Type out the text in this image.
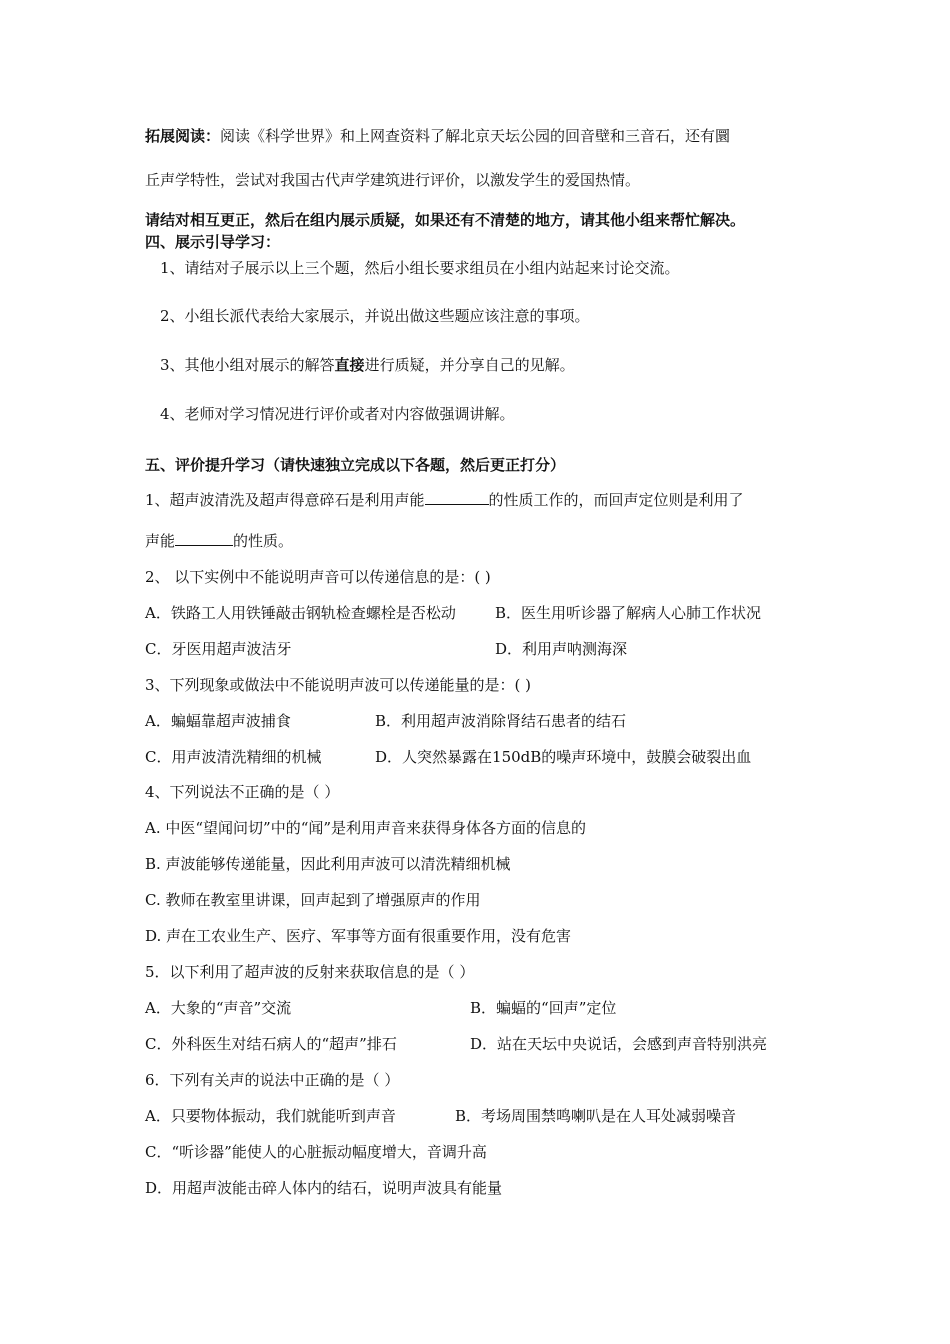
拓展阅读：阅读《科学世界》和上网查资料了解北京天坛公园的回音壁和三音石，还有圜
丘声学特性，尝试对我国古代声学建筑进行评价，以激发学生的爱国热情。
请结对相互更正，然后在组内展示质疑，如果还有不清楚的地方，请其他小组来帮忙解决。
四、展示引导学习：
1、请结对子展示以上三个题，然后小组长要求组员在小组内站起来讨论交流。
2、小组长派代表给大家展示，并说出做这些题应该注意的事项。
3、其他小组对展示的解答直接进行质疑，并分享自己的见解。
4、老师对学习情况进行评价或者对内容做强调讲解。
五、评价提升学习（请快速独立完成以下各题，然后更正打分）
1、超声波清洗及超声得意碎石是利用声能	的性质工作的，而回声定位则是利用了
声能	的性质。
2、 以下实例中不能说明声音可以传递信息的是：( )
A．铁路工人用铁锤敲击钢轨检查螺栓是否松动	B．医生用听诊器了解病人心肺工作状况
C．牙医用超声波洁牙	D．利用声呐测海深
3、下列现象或做法中不能说明声波可以传递能量的是：( )
A．蝙蝠靠超声波捕食	B．利用超声波消除肾结石患者的结石
C．用声波清洗精细的机械	D．人突然暴露在150dB的噪声环境中，鼓膜会破裂出血
4、下列说法不正确的是（ ）
A. 中医“望闻问切”中的“闻”是利用声音来获得身体各方面的信息的
B. 声波能够传递能量，因此利用声波可以清洗精细机械
C. 教师在教室里讲课，回声起到了增强原声的作用
D. 声在工农业生产、医疗、军事等方面有很重要作用，没有危害
5．以下利用了超声波的反射来获取信息的是（ ）
A．大象的“声音”交流	B．蝙蝠的“回声”定位
C．外科医生对结石病人的“超声”排石	D．站在天坛中央说话，会感到声音特别洪亮
6．下列有关声的说法中正确的是（ ）
A．只要物体振动，我们就能听到声音	B．考场周围禁鸣喇叭是在人耳处减弱噪音
C．“听诊器”能使人的心脏振动幅度增大，音调升高
D．用超声波能击碎人体内的结石，说明声波具有能量
